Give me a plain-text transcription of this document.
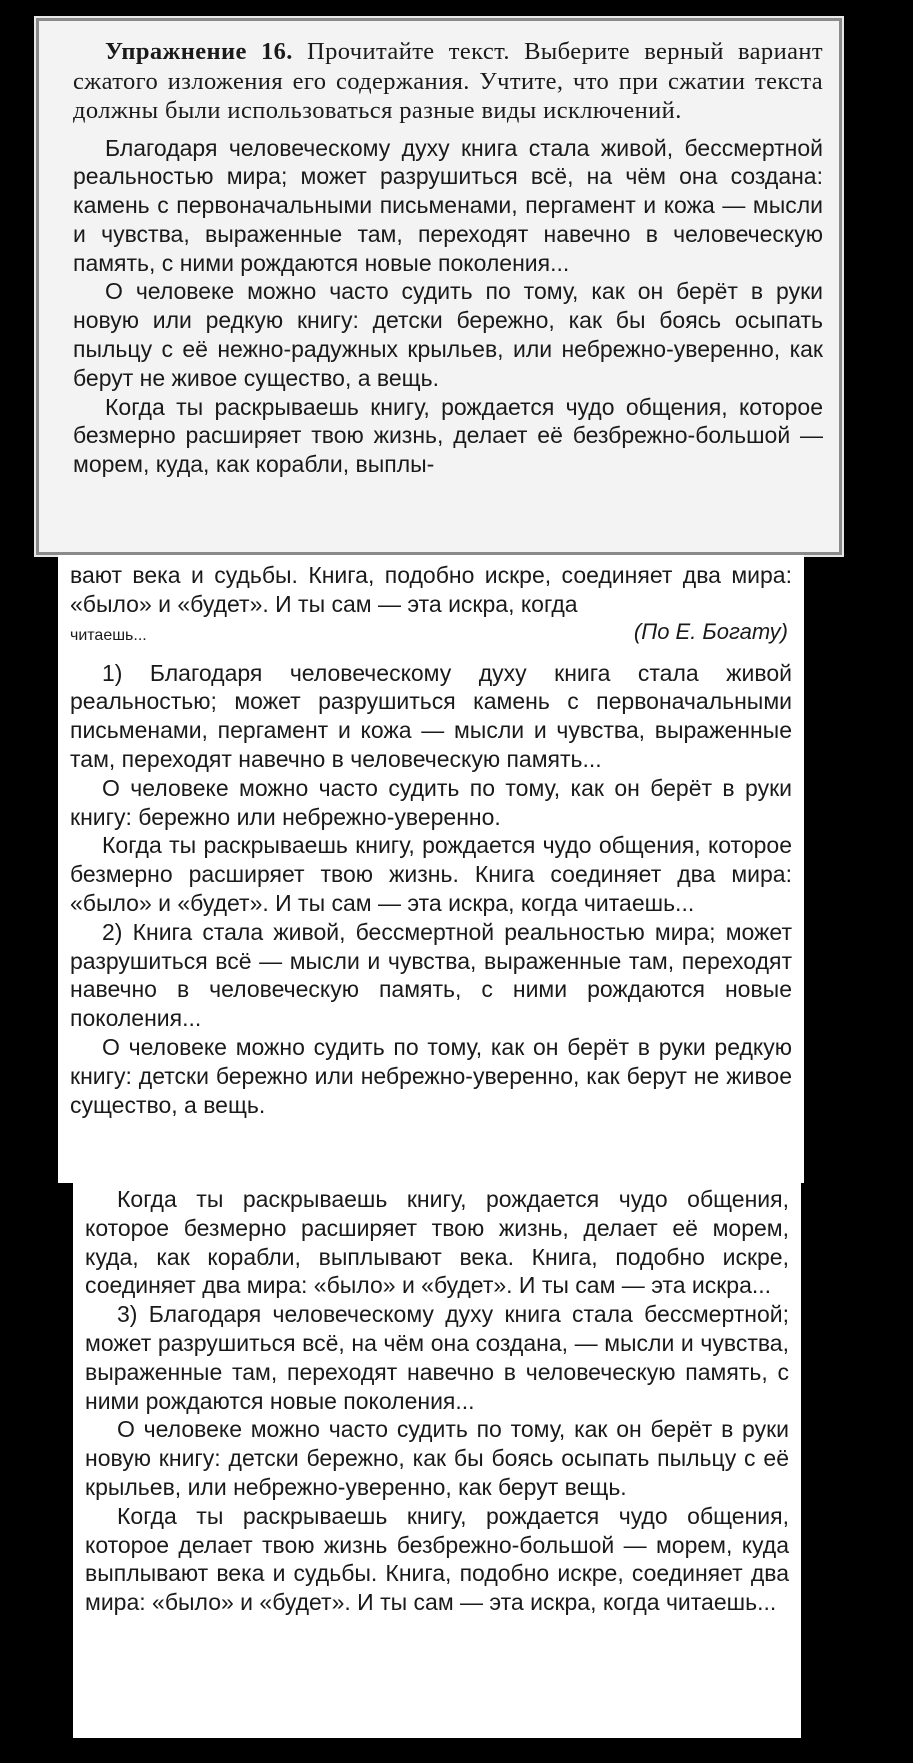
Упражнение 16. Прочитайте текст. Выберите верный вариант сжатого изложения его содержания. Учтите, что при сжатии текста должны были использоваться разные виды исключений.

Благодаря человеческому духу книга стала живой, бессмертной реальностью мира; может разрушиться всё, на чём она создана: камень с первоначальными письменами, пергамент и кожа — мысли и чувства, выраженные там, переходят навечно в человеческую память, с ними рождаются новые поколения...

О человеке можно часто судить по тому, как он берёт в руки новую или редкую книгу: детски бережно, как бы боясь осыпать пыльцу с её нежно-радужных крыльев, или небрежно-уверенно, как берут не живое существо, а вещь.

Когда ты раскрываешь книгу, рождается чудо общения, которое безмерно расширяет твою жизнь, делает её безбрежно-большой — морем, куда, как корабли, выплы-

вают века и судьбы. Книга, подобно искре, соединяет два мира: «было» и «будет». И ты сам — эта искра, когда

читаешь...	(По Е. Богату)

1) Благодаря человеческому духу книга стала живой реальностью; может разрушиться камень с первоначальными письменами, пергамент и кожа — мысли и чувства, выраженные там, переходят навечно в человеческую память...

О человеке можно часто судить по тому, как он берёт в руки книгу: бережно или небрежно-уверенно.

Когда ты раскрываешь книгу, рождается чудо общения, которое безмерно расширяет твою жизнь. Книга соединяет два мира: «было» и «будет». И ты сам — эта искра, когда читаешь...

2) Книга стала живой, бессмертной реальностью мира; может разрушиться всё — мысли и чувства, выраженные там, переходят навечно в человеческую память, с ними рождаются новые поколения...

О человеке можно судить по тому, как он берёт в руки редкую книгу: детски бережно или небрежно-уверенно, как берут не живое существо, а вещь.

Когда ты раскрываешь книгу, рождается чудо общения, которое безмерно расширяет твою жизнь, делает её морем, куда, как корабли, выплывают века. Книга, подобно искре, соединяет два мира: «было» и «будет». И ты сам — эта искра...

3) Благодаря человеческому духу книга стала бессмертной; может разрушиться всё, на чём она создана, — мысли и чувства, выраженные там, переходят навечно в человеческую память, с ними рождаются новые поколения...

О человеке можно часто судить по тому, как он берёт в руки новую книгу: детски бережно, как бы боясь осыпать пыльцу с её крыльев, или небрежно-уверенно, как берут вещь.

Когда ты раскрываешь книгу, рождается чудо общения, которое делает твою жизнь безбрежно-большой — морем, куда выплывают века и судьбы. Книга, подобно искре, соединяет два мира: «было» и «будет». И ты сам — эта искра, когда читаешь...
